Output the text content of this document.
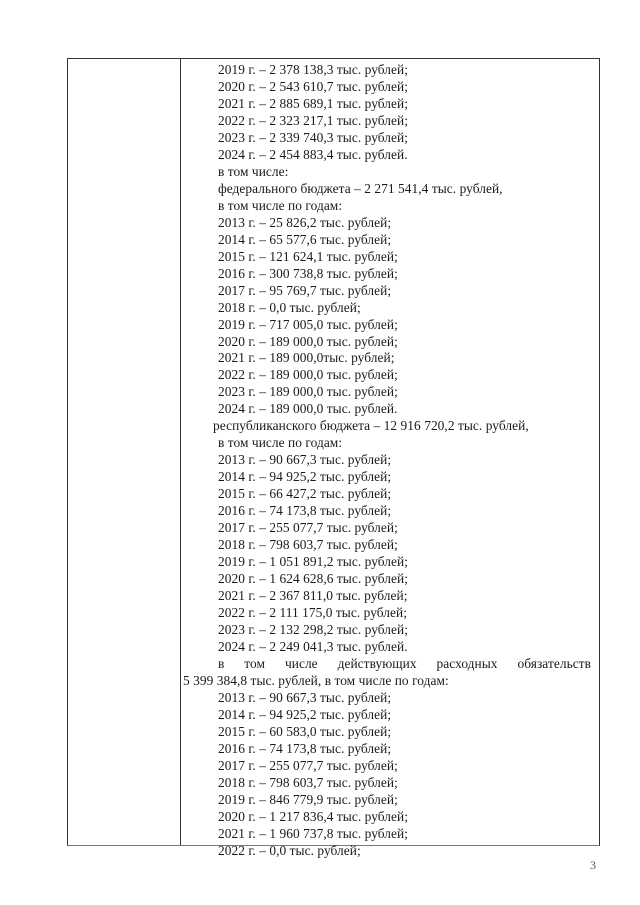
2019 г. – 2 378 138,3 тыс. рублей;
2020 г. – 2 543 610,7 тыс. рублей;
2021 г. – 2 885 689,1 тыс. рублей;
2022 г. – 2 323 217,1 тыс. рублей;
2023 г. – 2 339 740,3 тыс. рублей;
2024 г. – 2 454 883,4 тыс. рублей.
в том числе:
федерального бюджета – 2 271 541,4 тыс. рублей,
в том числе по годам:
2013 г. – 25 826,2 тыс. рублей;
2014 г. – 65 577,6 тыс. рублей;
2015 г. – 121 624,1 тыс. рублей;
2016 г. – 300 738,8 тыс. рублей;
2017 г. – 95 769,7 тыс. рублей;
2018 г. – 0,0 тыс. рублей;
2019 г. – 717 005,0 тыс. рублей;
2020 г. – 189 000,0 тыс. рублей;
2021 г. – 189 000,0тыс. рублей;
2022 г. – 189 000,0 тыс. рублей;
2023 г. – 189 000,0 тыс. рублей;
2024 г. – 189 000,0 тыс. рублей.
республиканского бюджета – 12 916 720,2 тыс. рублей,
в том числе по годам:
2013 г. – 90 667,3 тыс. рублей;
2014 г. – 94 925,2 тыс. рублей;
2015 г. – 66 427,2 тыс. рублей;
2016 г. – 74 173,8 тыс. рублей;
2017 г. – 255 077,7 тыс. рублей;
2018 г. – 798 603,7 тыс. рублей;
2019 г. – 1 051 891,2 тыс. рублей;
2020 г. – 1 624 628,6 тыс. рублей;
2021 г. – 2 367 811,0 тыс. рублей;
2022 г. – 2 111 175,0 тыс. рублей;
2023 г. – 2 132 298,2 тыс. рублей;
2024 г. – 2 249 041,3 тыс. рублей.
в том числе действующих расходных обязательств
5 399 384,8 тыс. рублей, в том числе по годам:
2013 г. – 90 667,3 тыс. рублей;
2014 г. – 94 925,2 тыс. рублей;
2015 г. – 60 583,0 тыс. рублей;
2016 г. – 74 173,8 тыс. рублей;
2017 г. – 255 077,7 тыс. рублей;
2018 г. – 798 603,7 тыс. рублей;
2019 г. – 846 779,9 тыс. рублей;
2020 г. – 1 217 836,4 тыс. рублей;
2021 г. – 1 960 737,8 тыс. рублей;
2022 г. – 0,0 тыс. рублей;
3
